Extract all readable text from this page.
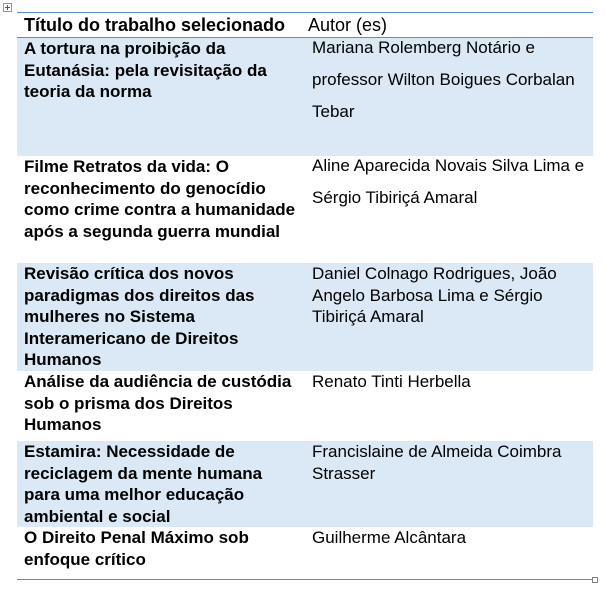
Título do trabalho selecionado	Autor (es)
A tortura na proibição da Eutanásia: pela revisitação da teoria da norma	Mariana Rolemberg Notário e professor Wilton Boigues Corbalan Tebar

Filme Retratos da vida: O reconhecimento do genocídio como crime contra a humanidade após a segunda guerra mundial	Aline Aparecida Novais Silva Lima e Sérgio Tibiriçá Amaral

Revisão crítica dos novos paradigmas dos direitos das mulheres no Sistema Interamericano de Direitos Humanos	Daniel Colnago Rodrigues, João Angelo Barbosa Lima e Sérgio Tibiriçá Amaral
Análise da audiência de custódia sob o prisma dos Direitos Humanos	Renato Tinti Herbella
Estamira: Necessidade de reciclagem da mente humana para uma melhor educação ambiental e social	Francislaine de Almeida Coimbra Strasser
O Direito Penal Máximo sob enfoque crítico	Guilherme Alcântara
